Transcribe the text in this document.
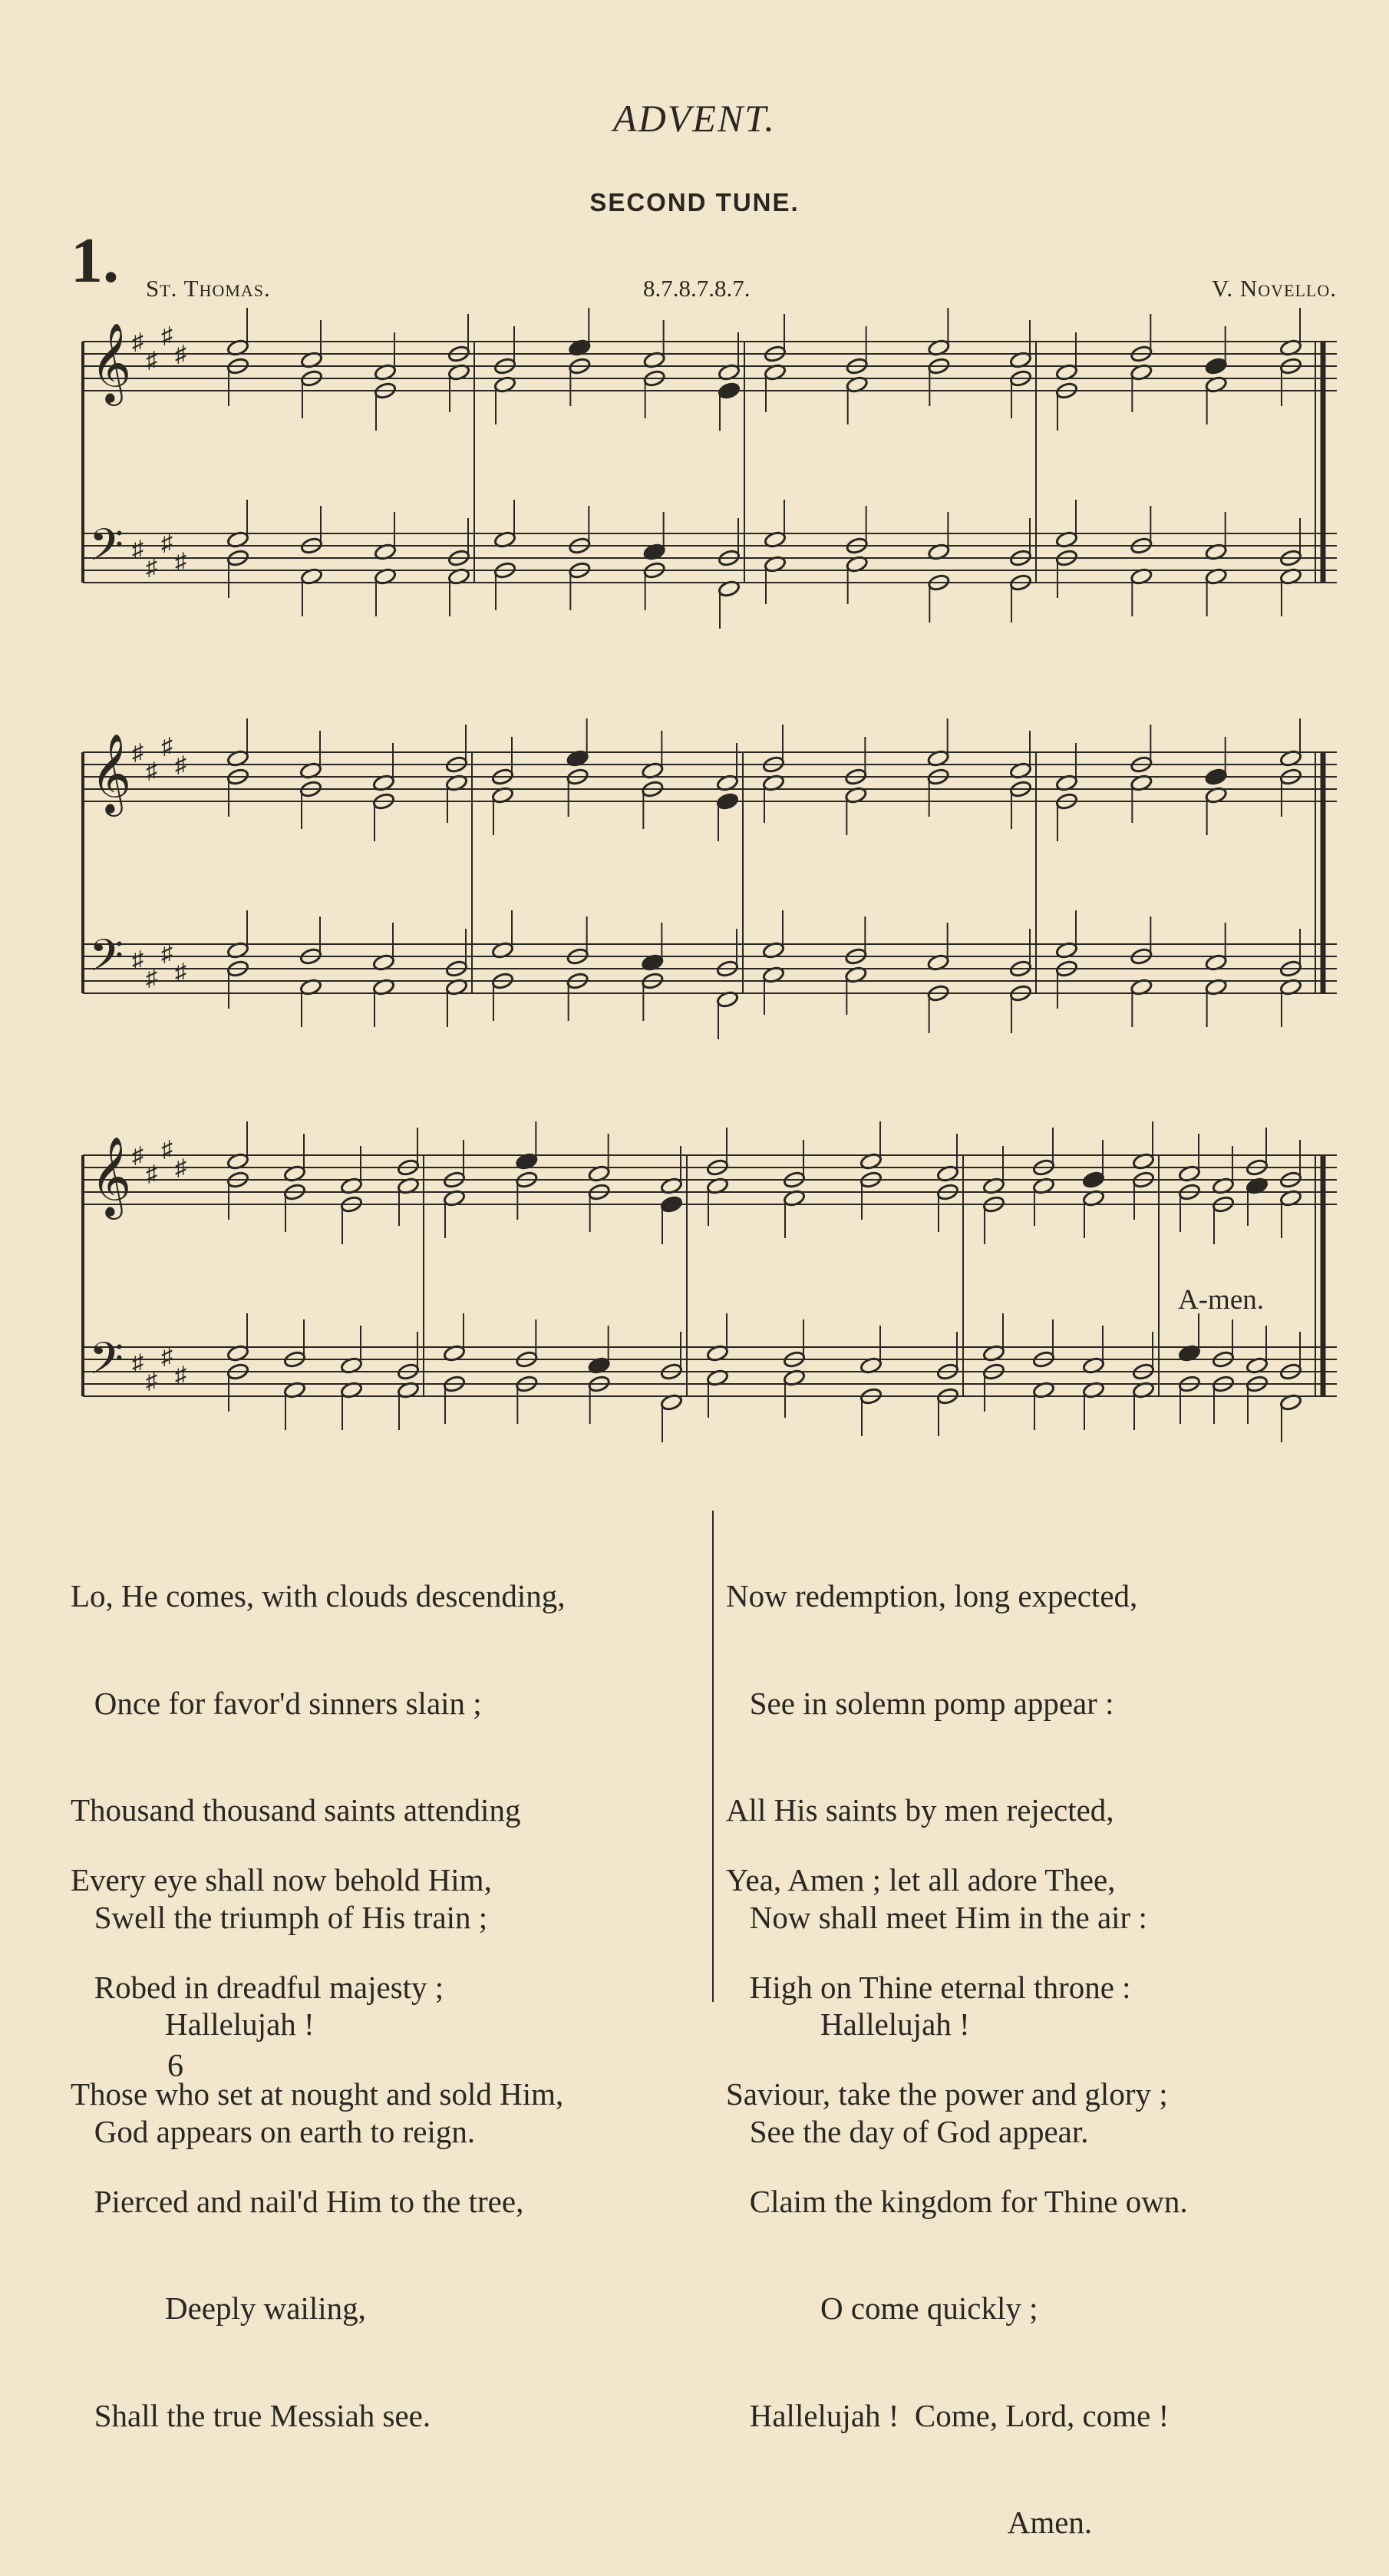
ADVENT.
SECOND TUNE.
1. St. Thomas.	8.7.8.7.8.7.	V. Novello.
𝄞
𝄢
♯
♯
♯
♯
♯
♯
♯
♯
𝄞
𝄢
♯
♯
♯
♯
♯
♯
♯
♯
𝄞
𝄢
♯
♯
♯
♯
♯
♯
♯
♯
A-men.

Lo, He comes, with clouds descending,

Once for favor'd sinners slain ;

Thousand thousand saints attending

Swell the triumph of His train ;

Hallelujah !

God appears on earth to reign.

Every eye shall now behold Him,

Robed in dreadful majesty ;

Those who set at nought and sold Him,

Pierced and nail'd Him to the tree,

Deeply wailing,

Shall the true Messiah see.

Now redemption, long expected,

See in solemn pomp appear :

All His saints by men rejected,

Now shall meet Him in the air :

Hallelujah !

See the day of God appear.

Yea, Amen ; let all adore Thee,

High on Thine eternal throne :

Saviour, take the power and glory ;

Claim the kingdom for Thine own.

O come quickly ;

Hallelujah !  Come, Lord, come !

Amen.

6
